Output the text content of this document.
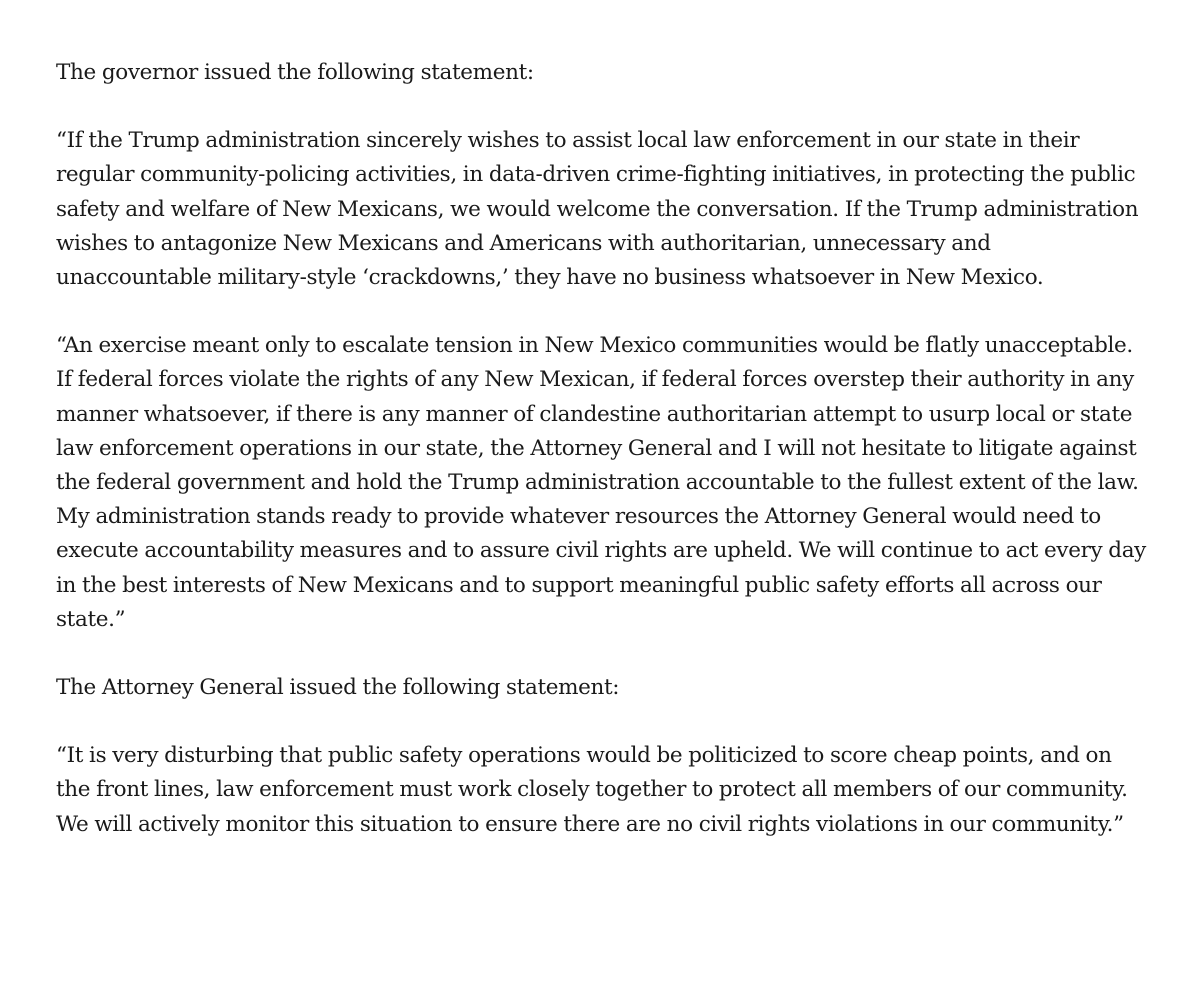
The governor issued the following statement:

“If the Trump administration sincerely wishes to assist local law enforcement in our state in their regular community-policing activities, in data-driven crime-fighting initiatives, in protecting the public safety and welfare of New Mexicans, we would welcome the conversation. If the Trump administration wishes to antagonize New Mexicans and Americans with authoritarian, unnecessary and unaccountable military-style ‘crackdowns,’ they have no business whatsoever in New Mexico.

“An exercise meant only to escalate tension in New Mexico communities would be flatly unacceptable. If federal forces violate the rights of any New Mexican, if federal forces overstep their authority in any manner whatsoever, if there is any manner of clandestine authoritarian attempt to usurp local or state law enforcement operations in our state, the Attorney General and I will not hesitate to litigate against the federal government and hold the Trump administration accountable to the fullest extent of the law. My administration stands ready to provide whatever resources the Attorney General would need to execute accountability measures and to assure civil rights are upheld. We will continue to act every day in the best interests of New Mexicans and to support meaningful public safety efforts all across our state.”

The Attorney General issued the following statement:

“It is very disturbing that public safety operations would be politicized to score cheap points, and on the front lines, law enforcement must work closely together to protect all members of our community. We will actively monitor this situation to ensure there are no civil rights violations in our community.”
